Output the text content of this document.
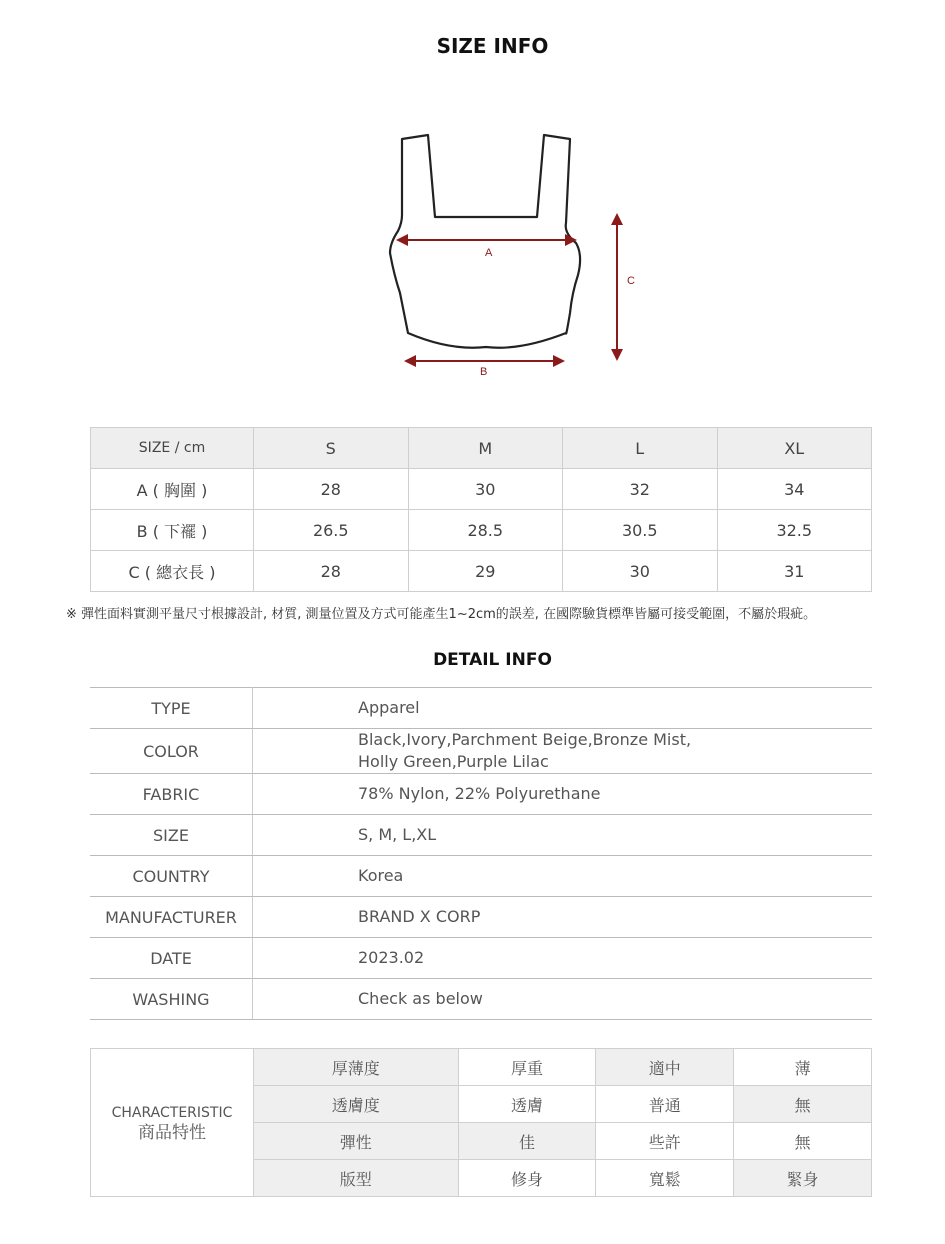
SIZE INFO
A
B
C
SIZE / cm	S	M	L	XL
A ( 胸圍 )	28	30	32	34
B ( 下襬 )	26.5	28.5	30.5	32.5
C ( 總衣長 )	28	29	30	31
※ 彈性面料實測平量尺寸根據設計, 材質, 測量位置及方式可能產生1~2cm的誤差, 在國際驗貨標準皆屬可接受範圍，不屬於瑕疵。
DETAIL INFO
TYPE	Apparel
COLOR	Black,Ivory,Parchment Beige,Bronze Mist,
Holly Green,Purple Lilac

FABRIC	78% Nylon, 22% Polyurethane
SIZE	S, M, L,XL
COUNTRY	Korea
MANUFACTURER	BRAND X CORP
DATE	2023.02
WASHING	Check as below
CHARACTERISTIC
商品特性	厚薄度	厚重	適中	薄
	透膚度	透膚	普通	無
	彈性	佳	些許	無
	版型	修身	寬鬆	緊身
